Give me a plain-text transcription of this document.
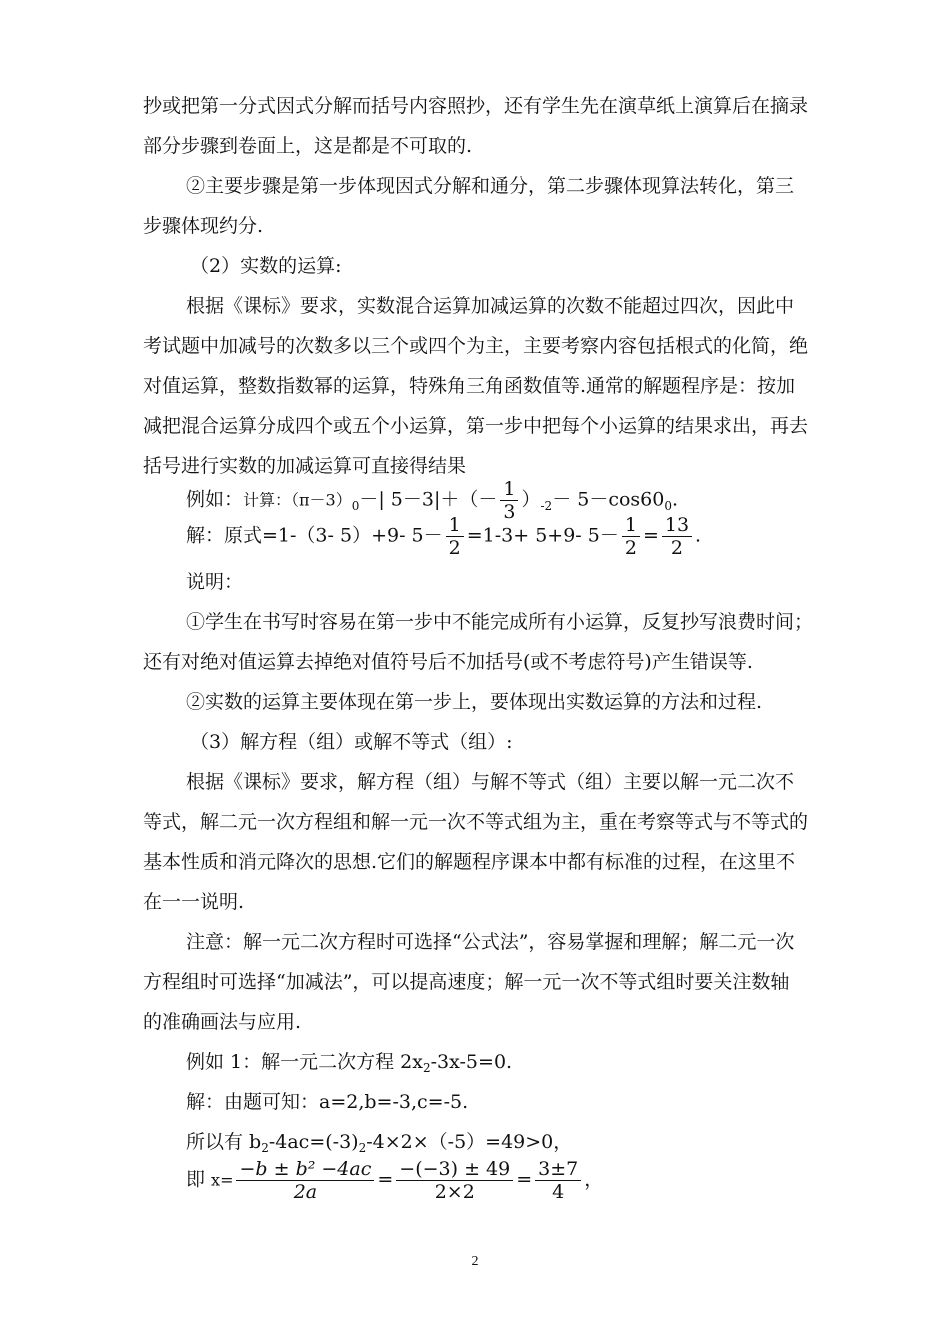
抄或把第一分式因式分解而括号内容照抄，还有学生先在演草纸上演算后在摘录
部分步骤到卷面上，这是都是不可取的.
②主要步骤是第一步体现因式分解和通分，第二步骤体现算法转化，第三
步骤体现约分.
（2）实数的运算:
根据《课标》要求，实数混合运算加减运算的次数不能超过四次，因此中
考试题中加减号的次数多以三个或四个为主，主要考察内容包括根式的化简，绝
对值运算，整数指数幂的运算，特殊角三角函数值等.通常的解题程序是：按加
减把混合运算分成四个或五个小运算，第一步中把每个小运算的结果求出，再去
括号进行实数的加减运算可直接得结果
例如：计算：$(\pi-3)_0-|$ $5-3|+(- \frac{1}{3} )_{-2}- 5-\cos 60_0$.
解：原式=1-（3- 5）+9- $5- \frac{1}{2} =1-3+ 5+9-$ $5- \frac{1}{2} = \frac{13}{2}$ .
说明：
①学生在书写时容易在第一步中不能完成所有小运算，反复抄写浪费时间；
还有对绝对值运算去掉绝对值符号后不加括号(或不考虑符号)产生错误等.
②实数的运算主要体现在第一步上，要体现出实数运算的方法和过程.
（3）解方程（组）或解不等式（组）:
根据《课标》要求，解方程（组）与解不等式（组）主要以解一元二次不
等式，解二元一次方程组和解一元一次不等式组为主，重在考察等式与不等式的
基本性质和消元降次的思想.它们的解题程序课本中都有标准的过程，在这里不
在一一说明.
注意：解一元二次方程时可选择“公式法”，容易掌握和理解；解二元一次
方程组时可选择“加减法”，可以提高速度；解一元一次不等式组时要关注数轴
的准确画法与应用.
例如 1：解一元二次方程 $2x_2-3x-5=0$.
解：由题可知：a=2,b=-3,c=-5.
所以有 $b_2-4ac=(-3)_2-4\times 2\times(-5)=49>0$，
即 $x= \frac{\text{−b ± b² −4ac}}{2a} = \frac{-(-3) \pm 49}{2\times 2} = \frac{3\pm 7}{4}$ ，
2
